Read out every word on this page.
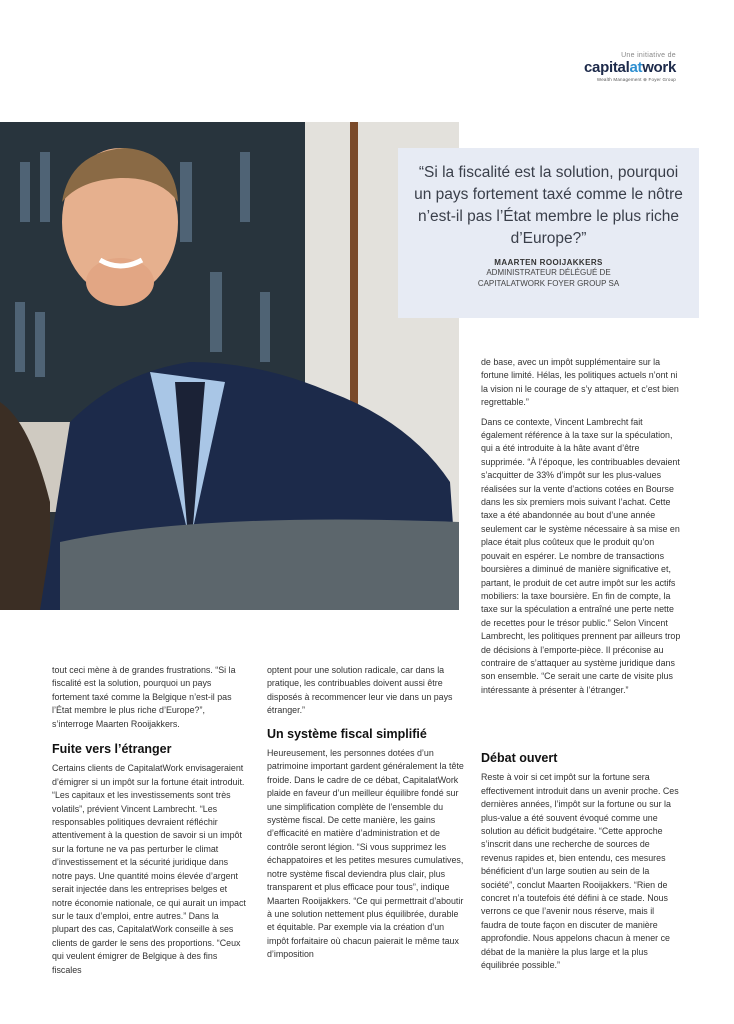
Une initiative de
capitalatwork
Wealth Management ⊕ Foyer Group
“Si la fiscalité est la solution, pourquoi un pays fortement taxé comme le nôtre n’est-il pas l’État membre le plus riche d’Europe?”
MAARTEN ROOIJAKKERS
ADMINISTRATEUR DÉLÉGUÉ DE
CAPITALATWORK FOYER GROUP SA

de base, avec un impôt supplémentaire sur la fortune limité. Hélas, les politiques actuels n’ont ni la vision ni le courage de s’y attaquer, et c’est bien regrettable.”

Dans ce contexte, Vincent Lambrecht fait également référence à la taxe sur la spéculation, qui a été introduite à la hâte avant d’être supprimée. “À l’époque, les contribuables devaient s’acquitter de 33% d’impôt sur les plus-values réalisées sur la vente d’actions cotées en Bourse dans les six premiers mois suivant l’achat. Cette taxe a été abandonnée au bout d’une année seulement car le système nécessaire à sa mise en place était plus coûteux que le produit qu’on pouvait en espérer. Le nombre de transactions boursières a diminué de manière significative et, partant, le produit de cet autre impôt sur les actifs mobiliers: la taxe boursière. En fin de compte, la taxe sur la spéculation a entraîné une perte nette de recettes pour le trésor public.” Selon Vincent Lambrecht, les politiques prennent par ailleurs trop de décisions à l’emporte-pièce. Il préconise au contraire de s’attaquer au système juridique dans son ensemble. “Ce serait une carte de visite plus intéressante à présenter à l’étranger.”

tout ceci mène à de grandes frustrations. “Si la fiscalité est la solution, pourquoi un pays fortement taxé comme la Belgique n’est-il pas l’État membre le plus riche d’Europe?”, s’interroge Maarten Rooijakkers.

Fuite vers l’étranger

Certains clients de CapitalatWork envisageraient d’émigrer si un impôt sur la fortune était introduit. “Les capitaux et les investissements sont très volatils”, prévient Vincent Lambrecht. “Les responsables politiques devraient réfléchir attentivement à la question de savoir si un impôt sur la fortune ne va pas perturber le climat d’investissement et la sécurité juridique dans notre pays. Une quantité moins élevée d’argent serait injectée dans les entreprises belges et notre économie nationale, ce qui aurait un impact sur le taux d’emploi, entre autres.” Dans la plupart des cas, CapitalatWork conseille à ses clients de garder le sens des proportions. “Ceux qui veulent émigrer de Belgique à des fins fiscales

optent pour une solution radicale, car dans la pratique, les contribuables doivent aussi être disposés à recommencer leur vie dans un pays étranger.”

Un système fiscal simplifié

Heureusement, les personnes dotées d’un patrimoine important gardent généralement la tête froide. Dans le cadre de ce débat, CapitalatWork plaide en faveur d’un meilleur équilibre fondé sur une simplification complète de l’ensemble du système fiscal. De cette manière, les gains d’efficacité en matière d’administration et de contrôle seront légion. “Si vous supprimez les échappatoires et les petites mesures cumulatives, notre système fiscal deviendra plus clair, plus transparent et plus efficace pour tous”, indique Maarten Rooijakkers. “Ce qui permettrait d’aboutir à une solution nettement plus équilibrée, durable et équitable. Par exemple via la création d’un impôt forfaitaire où chacun paierait le même taux d’imposition

Débat ouvert

Reste à voir si cet impôt sur la fortune sera effectivement introduit dans un avenir proche. Ces dernières années, l’impôt sur la fortune ou sur la plus-value a été souvent évoqué comme une solution au déficit budgétaire. “Cette approche s’inscrit dans une recherche de sources de revenus rapides et, bien entendu, ces mesures bénéficient d’un large soutien au sein de la société”, conclut Maarten Rooijakkers. “Rien de concret n’a toutefois été défini à ce stade. Nous verrons ce que l’avenir nous réserve, mais il faudra de toute façon en discuter de manière approfondie. Nous appelons chacun à mener ce débat de la manière la plus large et la plus équilibrée possible.”
